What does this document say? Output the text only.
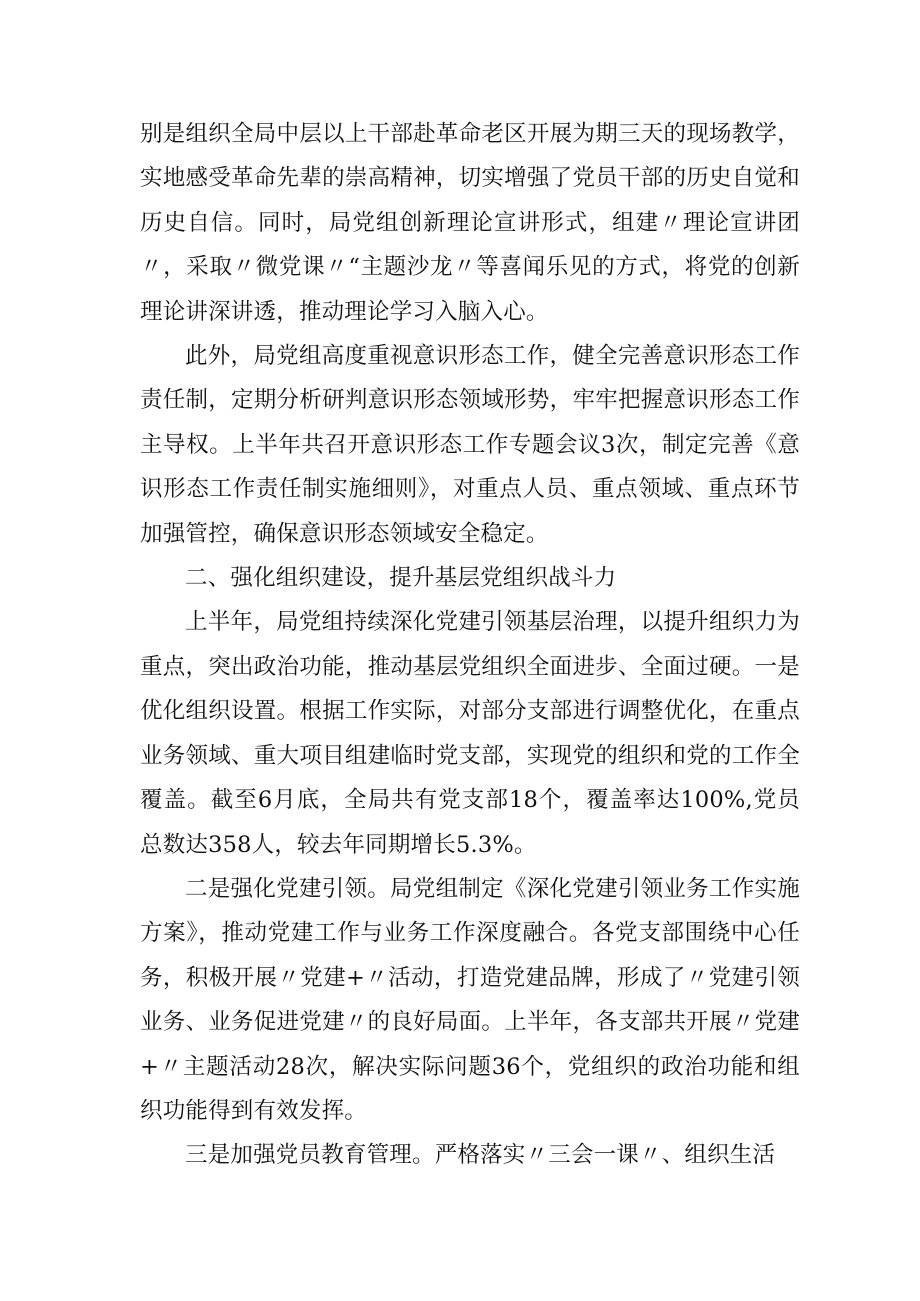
别是组织全局中层以上干部赴革命老区开展为期三天的现场教学，实地感受革命先辈的崇高精神，切实增强了党员干部的历史自觉和历史自信。同时，局党组创新理论宣讲形式，组建〃理论宣讲团〃，采取〃微党课〃“主题沙龙〃等喜闻乐见的方式，将党的创新理论讲深讲透，推动理论学习入脑入心。

此外，局党组高度重视意识形态工作，健全完善意识形态工作责任制，定期分析研判意识形态领域形势，牢牢把握意识形态工作主导权。上半年共召开意识形态工作专题会议3次，制定完善《意识形态工作责任制实施细则》，对重点人员、重点领域、重点环节加强管控，确保意识形态领域安全稳定。

二、强化组织建设，提升基层党组织战斗力

上半年，局党组持续深化党建引领基层治理，以提升组织力为重点，突出政治功能，推动基层党组织全面进步、全面过硬。一是优化组织设置。根据工作实际，对部分支部进行调整优化，在重点业务领域、重大项目组建临时党支部，实现党的组织和党的工作全覆盖。截至6月底，全局共有党支部18个，覆盖率达100%,党员总数达358人，较去年同期增长5.3%。

二是强化党建引领。局党组制定《深化党建引领业务工作实施方案》，推动党建工作与业务工作深度融合。各党支部围绕中心任务，积极开展〃党建+〃活动，打造党建品牌，形成了〃党建引领业务、业务促进党建〃的良好局面。上半年，各支部共开展〃党建+〃主题活动28次，解决实际问题36个，党组织的政治功能和组织功能得到有效发挥。

三是加强党员教育管理。严格落实〃三会一课〃、组织生活
